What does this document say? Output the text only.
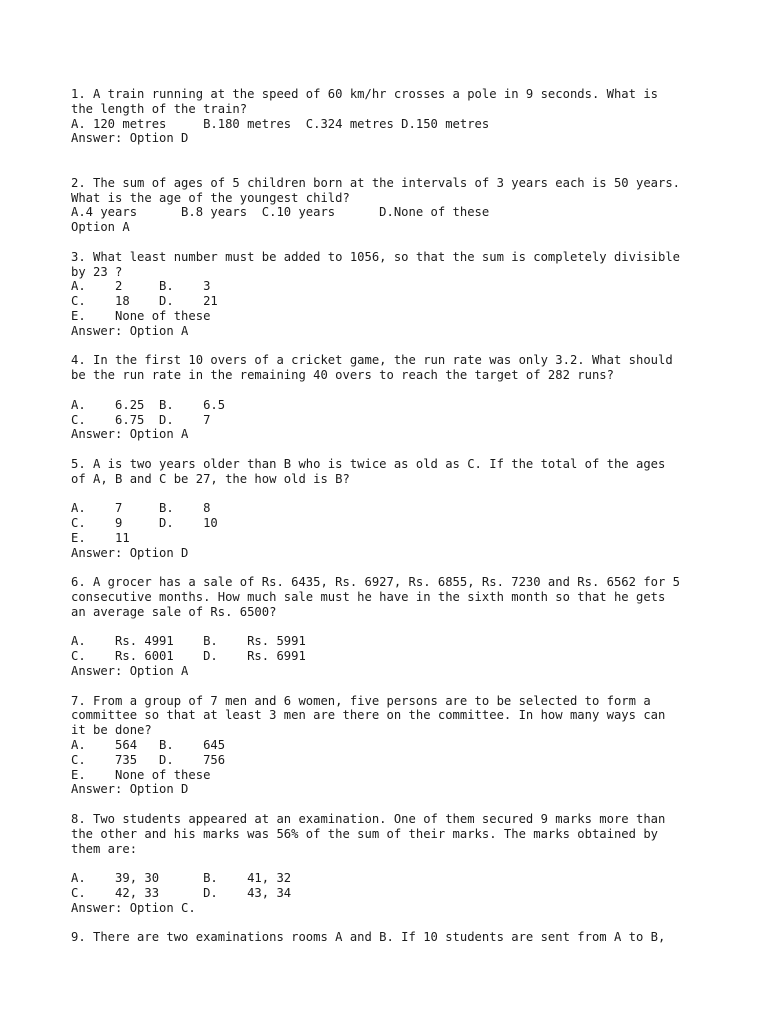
1. A train running at the speed of 60 km/hr crosses a pole in 9 seconds. What is
the length of the train?
A. 120 metres     B.180 metres  C.324 metres D.150 metres
Answer: Option D
2. The sum of ages of 5 children born at the intervals of 3 years each is 50 years.
What is the age of the youngest child?
A.4 years      B.8 years  C.10 years      D.None of these
Option A
3. What least number must be added to 1056, so that the sum is completely divisible
by 23 ?
A.    2     B.    3
C.    18    D.    21
E.    None of these
Answer: Option A
4. In the first 10 overs of a cricket game, the run rate was only 3.2. What should
be the run rate in the remaining 40 overs to reach the target of 282 runs?
A.    6.25  B.    6.5
C.    6.75  D.    7
Answer: Option A
5. A is two years older than B who is twice as old as C. If the total of the ages
of A, B and C be 27, the how old is B?
A.    7     B.    8
C.    9     D.    10
E.    11
Answer: Option D
6. A grocer has a sale of Rs. 6435, Rs. 6927, Rs. 6855, Rs. 7230 and Rs. 6562 for 5
consecutive months. How much sale must he have in the sixth month so that he gets
an average sale of Rs. 6500?
A.    Rs. 4991    B.    Rs. 5991
C.    Rs. 6001    D.    Rs. 6991
Answer: Option A
7. From a group of 7 men and 6 women, five persons are to be selected to form a
committee so that at least 3 men are there on the committee. In how many ways can
it be done?
A.    564   B.    645
C.    735   D.    756
E.    None of these
Answer: Option D
8. Two students appeared at an examination. One of them secured 9 marks more than
the other and his marks was 56% of the sum of their marks. The marks obtained by
them are:
A.    39, 30      B.    41, 32
C.    42, 33      D.    43, 34
Answer: Option C.
9. There are two examinations rooms A and B. If 10 students are sent from A to B,
